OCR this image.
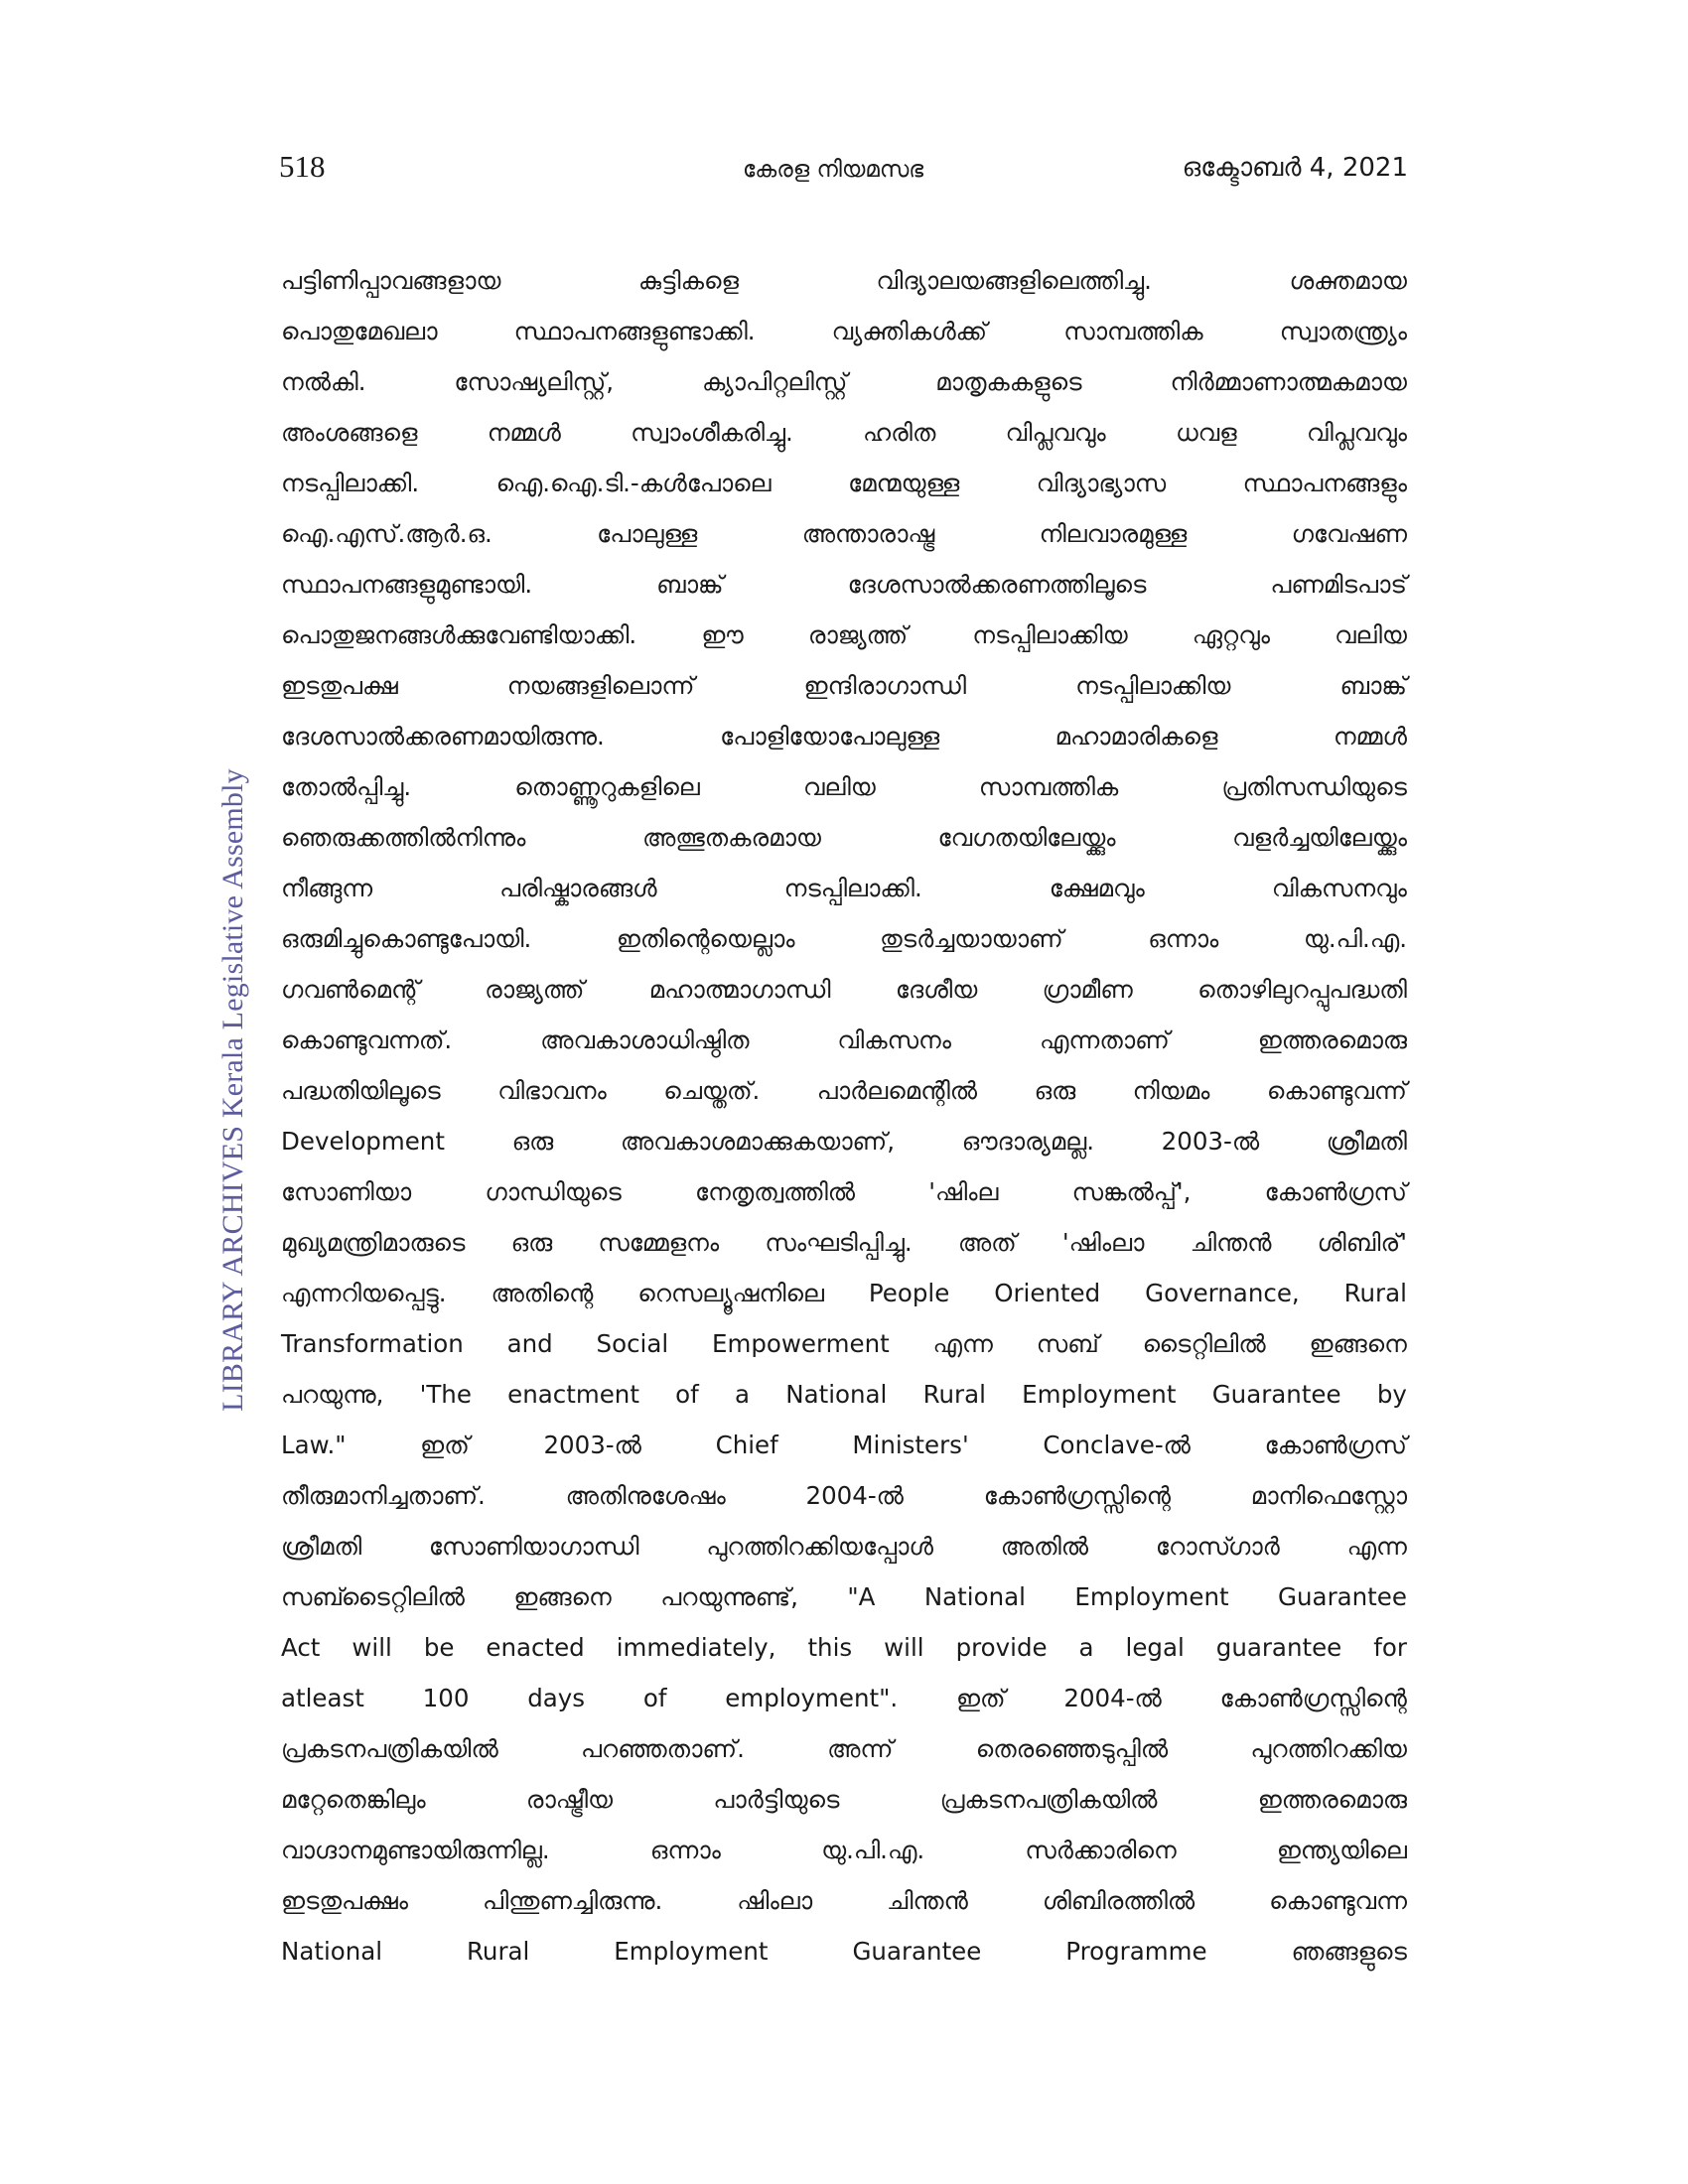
518	കേരള നിയമസഭ	ഒക്ടോബർ 4, 2021
LIBRARY ARCHIVES Kerala Legislative Assembly
പട്ടിണിപ്പാവങ്ങളായ	കുട്ടികളെ	വിദ്യാലയങ്ങളിലെത്തിച്ചു.	ശക്തമായ
പൊതുമേഖലാ	സ്ഥാപനങ്ങളുണ്ടാക്കി.	വ്യക്തികൾക്ക്	സാമ്പത്തിക	സ്വാതന്ത്ര്യം
നൽകി.	സോഷ്യലിസ്റ്റ്,	ക്യാപിറ്റലിസ്റ്റ്	മാതൃകകളുടെ	നിർമ്മാണാത്മകമായ
അംശങ്ങളെ	നമ്മൾ	സ്വാംശീകരിച്ചു.	ഹരിത	വിപ്ലവവും	ധവള	വിപ്ലവവും
നടപ്പിലാക്കി.	ഐ.ഐ.ടി.-കൾപോലെ	മേന്മയുള്ള	വിദ്യാഭ്യാസ	സ്ഥാപനങ്ങളും
ഐ.എസ്.ആർ.ഒ.	പോലുള്ള	അന്താരാഷ്ട്ര	നിലവാരമുള്ള	ഗവേഷണ
സ്ഥാപനങ്ങളുമുണ്ടായി.	ബാങ്ക്	ദേശസാൽക്കരണത്തിലൂടെ	പണമിടപാട്
പൊതുജനങ്ങൾക്കുവേണ്ടിയാക്കി.	ഈ	രാജ്യത്ത്	നടപ്പിലാക്കിയ	ഏറ്റവും	വലിയ
ഇടതുപക്ഷ	നയങ്ങളിലൊന്ന്	ഇന്ദിരാഗാന്ധി	നടപ്പിലാക്കിയ	ബാങ്ക്
ദേശസാൽക്കരണമായിരുന്നു.	പോളിയോപോലുള്ള	മഹാമാരികളെ	നമ്മൾ
തോൽപ്പിച്ചു.	തൊണ്ണൂറുകളിലെ	വലിയ	സാമ്പത്തിക	പ്രതിസന്ധിയുടെ
ഞെരുക്കത്തിൽനിന്നും	അത്ഭുതകരമായ	വേഗതയിലേയ്ക്കും	വളർച്ചയിലേയ്ക്കും
നീങ്ങുന്ന	പരിഷ്കാരങ്ങൾ	നടപ്പിലാക്കി.	ക്ഷേമവും	വികസനവും
ഒരുമിച്ചുകൊണ്ടുപോയി.	ഇതിന്റെയെല്ലാം	തുടർച്ചയായാണ്	ഒന്നാം	യു.പി.എ.
ഗവൺമെന്റ്	രാജ്യത്ത്	മഹാത്മാഗാന്ധി	ദേശീയ	ഗ്രാമീണ	തൊഴിലുറപ്പുപദ്ധതി
കൊണ്ടുവന്നത്.	അവകാശാധിഷ്ഠിത	വികസനം	എന്നതാണ്	ഇത്തരമൊരു
പദ്ധതിയിലൂടെ വിഭാവനം ചെയ്തത്. പാർലമെന്റിൽ ഒരു നിയമം കൊണ്ടുവന്ന്
Development	ഒരു	അവകാശമാക്കുകയാണ്,	ഔദാര്യമല്ല.	2003-ൽ	ശ്രീമതി
സോണിയാ	ഗാന്ധിയുടെ	നേതൃത്വത്തിൽ	'ഷിംല	സങ്കൽപ്പ്',	കോൺഗ്രസ്
മുഖ്യമന്ത്രിമാരുടെ ഒരു സമ്മേളനം സംഘടിപ്പിച്ചു. അത് 'ഷിംലാ ചിന്തൻ ശിബിര്'
എന്നറിയപ്പെട്ടു. അതിന്റെ റെസല്യൂഷനിലെ People Oriented Governance, Rural
Transformation and Social Empowerment എന്ന സബ് ടൈറ്റിലിൽ ഇങ്ങനെ
പറയുന്നു, 'The enactment of a National Rural Employment Guarantee by
Law."	ഇത്	2003-ൽ	Chief	Ministers'	Conclave-ൽ	കോൺഗ്രസ്
തീരുമാനിച്ചതാണ്.	അതിനുശേഷം	2004-ൽ	കോൺഗ്രസ്സിന്റെ	മാനിഫെസ്റ്റോ
ശ്രീമതി	സോണിയാഗാന്ധി	പുറത്തിറക്കിയപ്പോൾ	അതിൽ	റോസ്ഗാർ	എന്ന
സബ്ടൈറ്റിലിൽ ഇങ്ങനെ പറയുന്നുണ്ട്, "A National Employment Guarantee
Act will be enacted immediately, this will provide a legal guarantee for
atleast 100 days of employment". ഇത് 2004-ൽ കോൺഗ്രസ്സിന്റെ
പ്രകടനപത്രികയിൽ	പറഞ്ഞതാണ്.	അന്ന്	തെരഞ്ഞെടുപ്പിൽ	പുറത്തിറക്കിയ
മറ്റേതെങ്കിലും	രാഷ്ട്രീയ	പാർട്ടിയുടെ	പ്രകടനപത്രികയിൽ	ഇത്തരമൊരു
വാഗ്ദാനമുണ്ടായിരുന്നില്ല.	ഒന്നാം	യു.പി.എ.	സർക്കാരിനെ	ഇന്ത്യയിലെ
ഇടതുപക്ഷം	പിന്തുണച്ചിരുന്നു.	ഷിംലാ	ചിന്തൻ	ശിബിരത്തിൽ	കൊണ്ടുവന്ന
National	Rural	Employment	Guarantee	Programme	ഞങ്ങളുടെ
